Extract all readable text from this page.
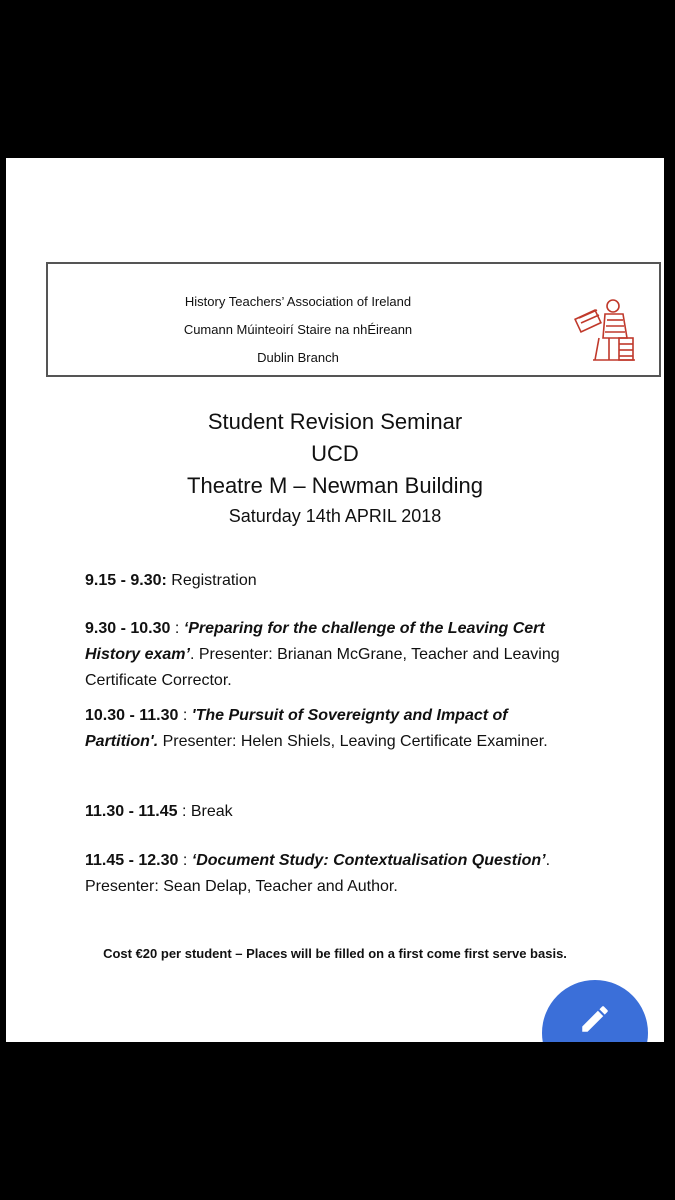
History Teachers’ Association of Ireland
Cumann Múinteoirí Staire na nhÉireann
Dublin Branch
Student Revision Seminar
UCD
Theatre M – Newman Building
Saturday 14th APRIL 2018
9.15 - 9.30: Registration
9.30 - 10.30 : ‘Preparing for the challenge of the Leaving Cert History exam’. Presenter: Brianan McGrane, Teacher and Leaving Certificate Corrector.
10.30 - 11.30 : 'The Pursuit of Sovereignty and Impact of Partition'. Presenter: Helen Shiels, Leaving Certificate Examiner.
11.30 - 11.45 : Break
11.45 - 12.30 : ‘Document Study: Contextualisation Question’. Presenter: Sean Delap, Teacher and Author.
Cost €20 per student – Places will be filled on a first come first serve basis.
